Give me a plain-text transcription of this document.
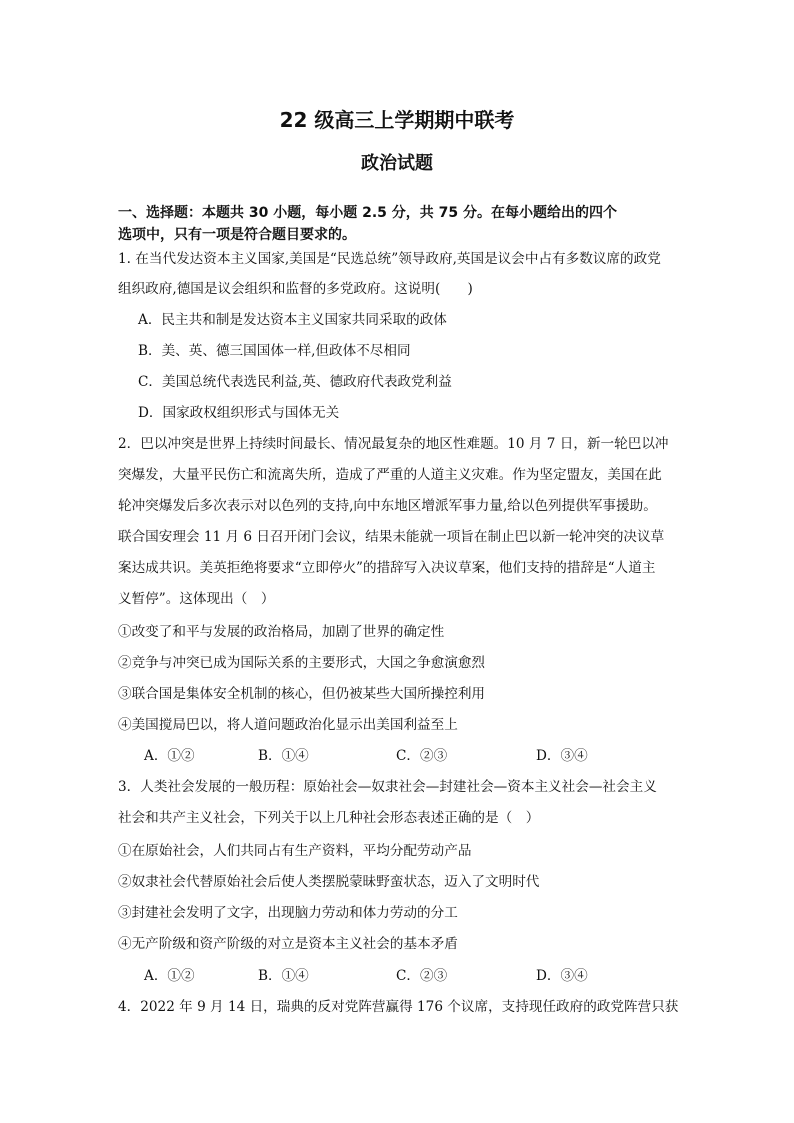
22 级高三上学期期中联考
政治试题
一、选择题：本题共 30 小题，每小题 2.5 分，共 75 分。在每小题给出的四个
选项中，只有一项是符合题目要求的。
1. 在当代发达资本主义国家,美国是“民选总统”领导政府,英国是议会中占有多数议席的政党
组织政府,德国是议会组织和监督的多党政府。这说明(　　)
A．民主共和制是发达资本主义国家共同采取的政体
B．美、英、德三国国体一样,但政体不尽相同
C．美国总统代表选民利益,英、德政府代表政党利益
D．国家政权组织形式与国体无关
2．巴以冲突是世界上持续时间最长、情况最复杂的地区性难题。10 月 7 日，新一轮巴以冲
突爆发，大量平民伤亡和流离失所，造成了严重的人道主义灾难。作为坚定盟友，美国在此
轮冲突爆发后多次表示对以色列的支持,向中东地区增派军事力量,给以色列提供军事援助。
联合国安理会 11 月 6 日召开闭门会议，结果未能就一项旨在制止巴以新一轮冲突的决议草
案达成共识。美英拒绝将要求“立即停火”的措辞写入决议草案，他们支持的措辞是“人道主
义暂停”。这体现出（　）
①改变了和平与发展的政治格局，加剧了世界的确定性
②竞争与冲突已成为国际关系的主要形式，大国之争愈演愈烈
③联合国是集体安全机制的核心，但仍被某些大国所操控利用
④美国搅局巴以，将人道问题政治化显示出美国利益至上
A．①②	B．①④	C．②③	D．③④
3．人类社会发展的一般历程：原始社会—奴隶社会—封建社会—资本主义社会—社会主义
社会和共产主义社会，下列关于以上几种社会形态表述正确的是（　）
①在原始社会，人们共同占有生产资料，平均分配劳动产品
②奴隶社会代替原始社会后使人类摆脱蒙昧野蛮状态，迈入了文明时代
③封建社会发明了文字，出现脑力劳动和体力劳动的分工
④无产阶级和资产阶级的对立是资本主义社会的基本矛盾
A．①②	B．①④	C．②③	D．③④
4．2022 年 9 月 14 日，瑞典的反对党阵营赢得 176 个议席，支持现任政府的政党阵营只获
